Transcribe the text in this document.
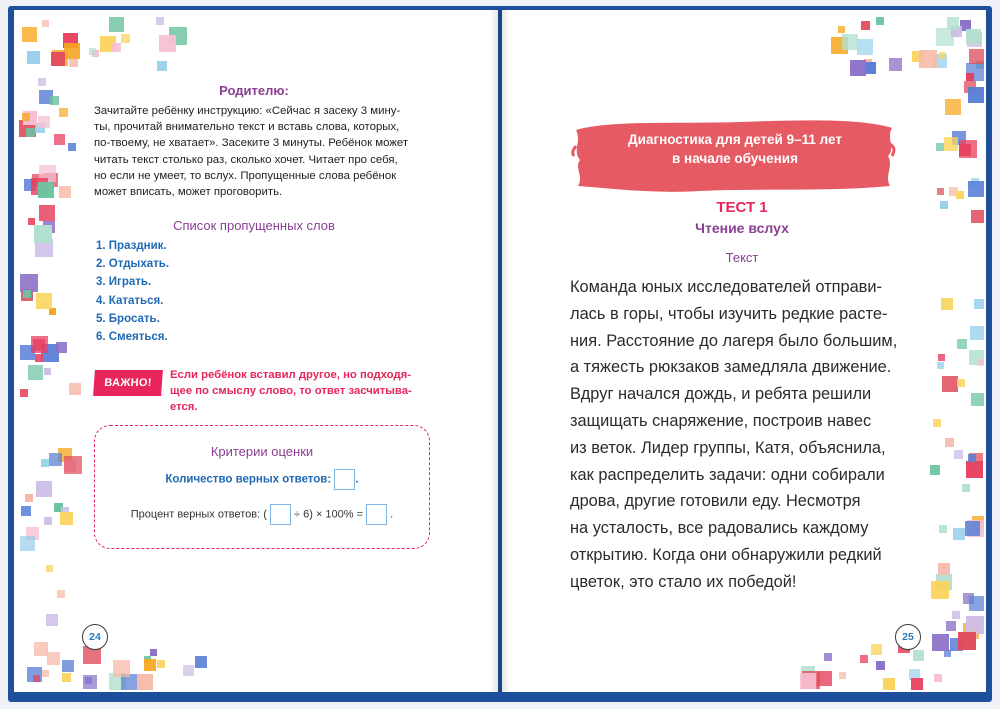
Родителю:
Зачитайте ребёнку инструкцию: «Сейчас я засеку 3 мину-
ты, прочитай внимательно текст и вставь слова, которых,
по-твоему, не хватает». Засеките 3 минуты. Ребёнок может
читать текст столько раз, сколько хочет. Читает про себя,
но если не умеет, то вслух. Пропущенные слова ребёнок
может вписать, может проговорить.
Список пропущенных слов
1. Праздник.
2. Отдыхать.
3. Играть.
4. Кататься.
5. Бросать.
6. Смеяться.
ВАЖНО!
Если ребёнок вставил другое, но подходя-
щее по смыслу слово, то ответ засчитыва-
ется.
Критерии оценки
Количество верных ответов: .
Процент верных ответов: ( ÷ 6) × 100% = .
24
Диагностика для детей 9–11 лет
в начале обучения
ТЕСТ 1
Чтение вслух
Текст
Команда юных исследователей отправи-
лась в горы, чтобы изучить редкие расте-
ния. Расстояние до лагеря было большим,
а тяжесть рюкзаков замедляла движение.
Вдруг начался дождь, и ребята решили
защищать снаряжение, построив навес
из веток. Лидер группы, Катя, объяснила,
как распределить задачи: одни собирали
дрова, другие готовили еду. Несмотря
на усталость, все радовались каждому
открытию. Когда они обнаружили редкий
цветок, это стало их победой!
25
